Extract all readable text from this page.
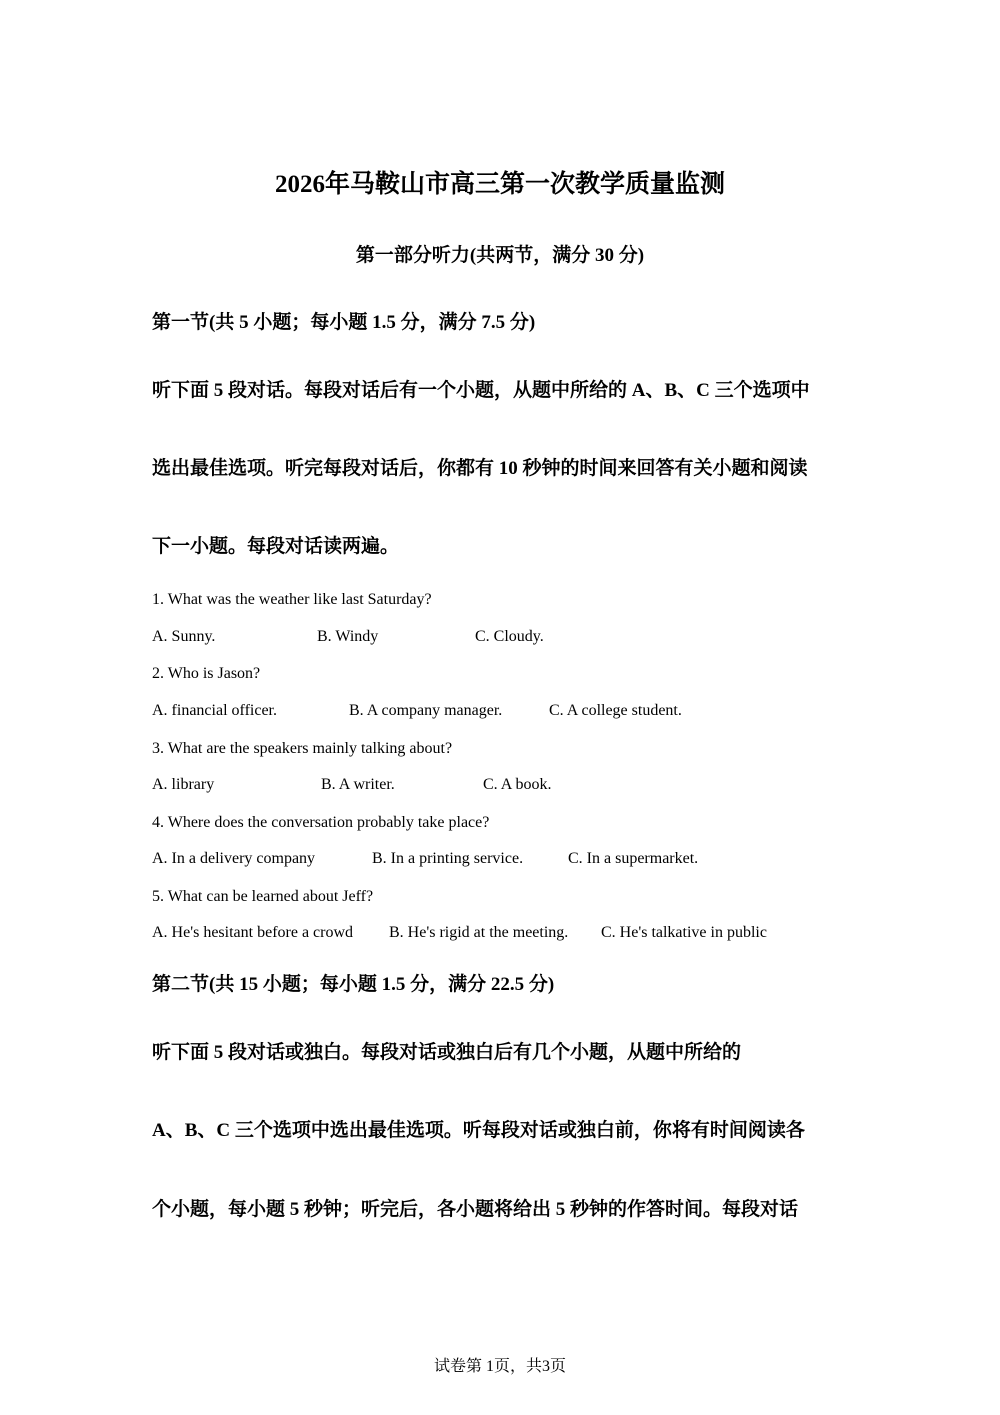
2026年马鞍山市高三第一次教学质量监测
第一部分听力(共两节，满分 30 分)
第一节(共 5 小题；每小题 1.5 分，满分 7.5 分)

听下面 5 段对话。每段对话后有一个小题，从题中所给的 A、B、C 三个选项中

选出最佳选项。听完每段对话后，你都有 10 秒钟的时间来回答有关小题和阅读

下一小题。每段对话读两遍。

1. What was the weather like last Saturday?

A. Sunny.	B. Windy	C. Cloudy.

2. Who is Jason?

A. financial officer.	B. A company manager.	C. A college student.

3. What are the speakers mainly talking about?

A. library	B. A writer.	C. A book.

4. Where does the conversation probably take place?

A. In a delivery company	B. In a printing service.	C. In a supermarket.

5. What can be learned about Jeff?

A. He's hesitant before a crowd B. He's rigid at the meeting. C. He's talkative in public
第二节(共 15 小题；每小题 1.5 分，满分 22.5 分)

听下面 5 段对话或独白。每段对话或独白后有几个小题，从题中所给的

A、B、C 三个选项中选出最佳选项。听每段对话或独白前，你将有时间阅读各

个小题，每小题 5 秒钟；听完后，各小题将给出 5 秒钟的作答时间。每段对话

试卷第 1页，共3页
